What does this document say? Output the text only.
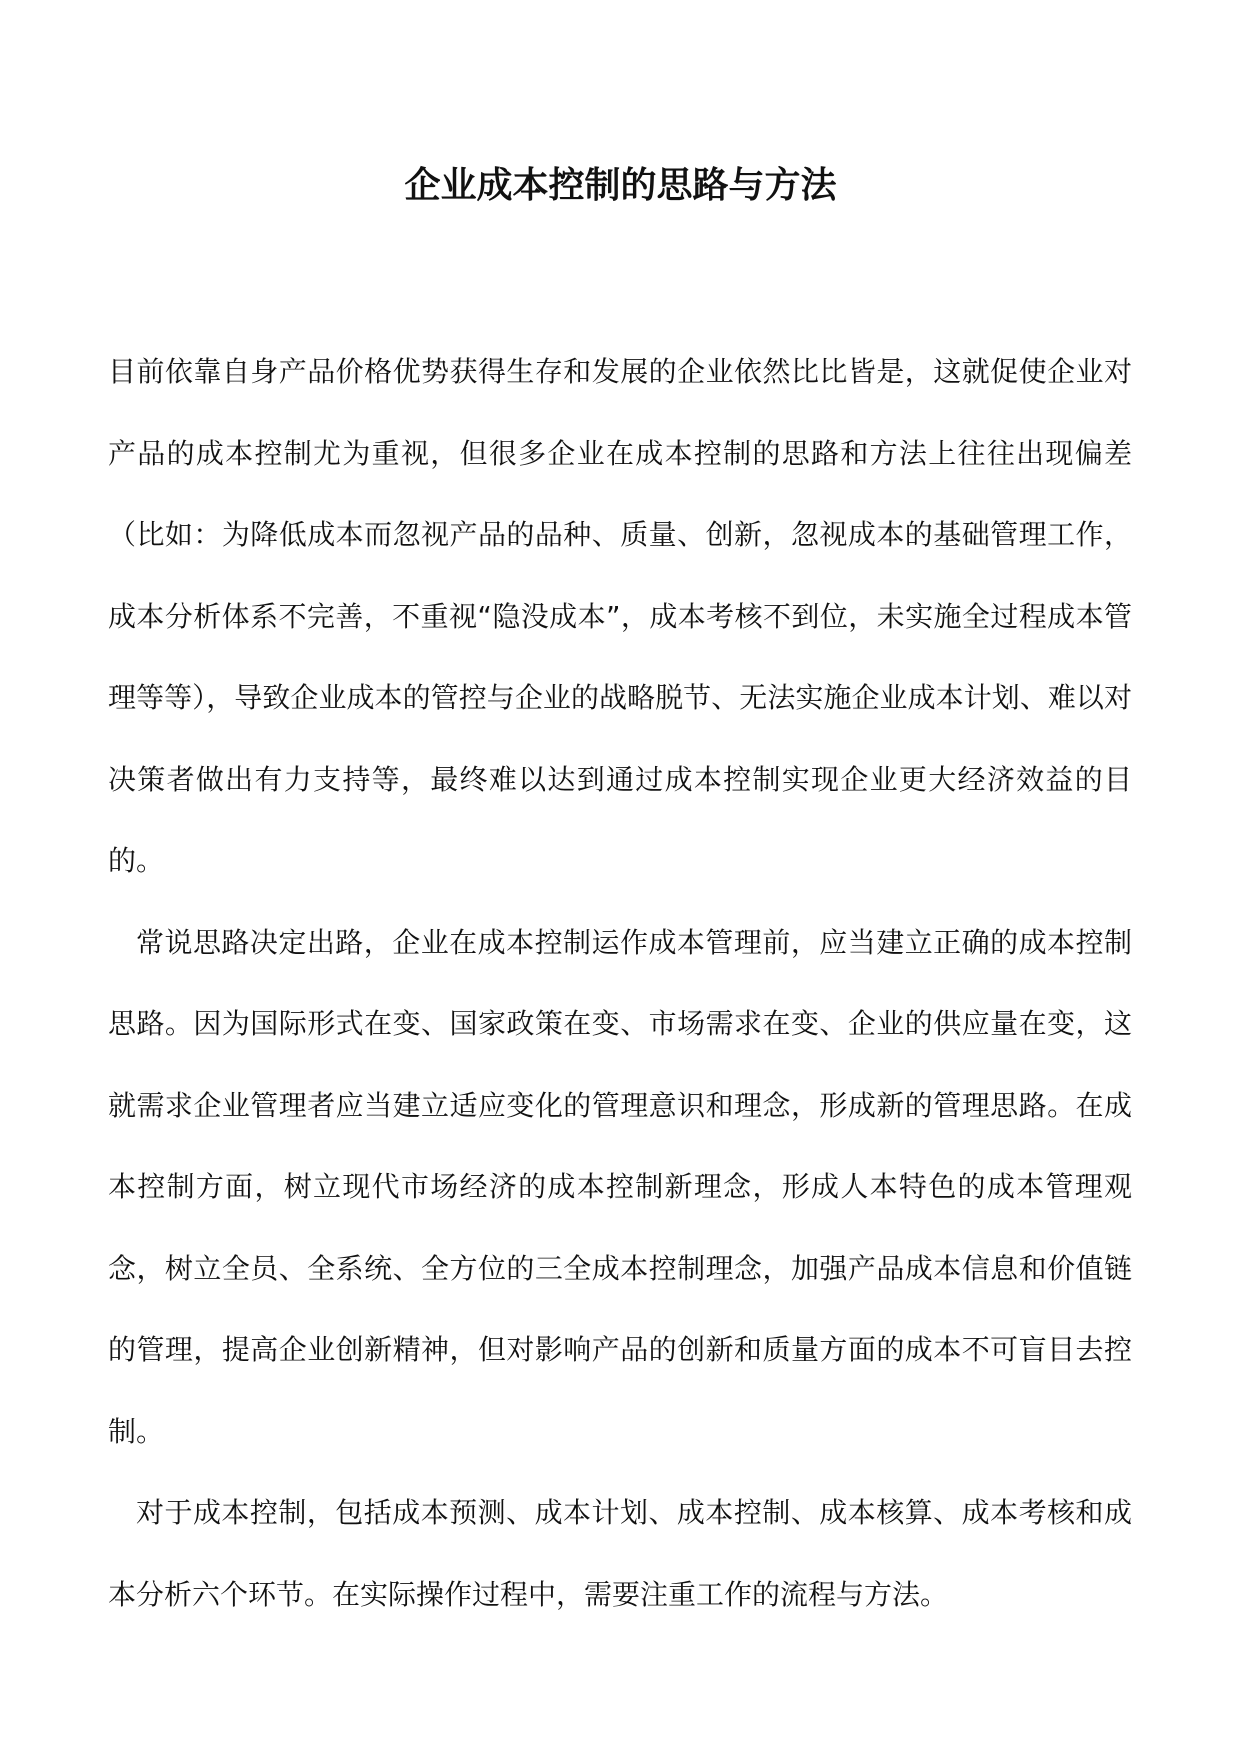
企业成本控制的思路与方法

目前依靠自身产品价格优势获得生存和发展的企业依然比比皆是，这就促使企业对产品的成本控制尤为重视，但很多企业在成本控制的思路和方法上往往出现偏差（比如：为降低成本而忽视产品的品种、质量、创新，忽视成本的基础管理工作，成本分析体系不完善，不重视“隐没成本”，成本考核不到位，未实施全过程成本管理等等），导致企业成本的管控与企业的战略脱节、无法实施企业成本计划、难以对决策者做出有力支持等，最终难以达到通过成本控制实现企业更大经济效益的目的。

常说思路决定出路，企业在成本控制运作成本管理前，应当建立正确的成本控制思路。因为国际形式在变、国家政策在变、市场需求在变、企业的供应量在变，这就需求企业管理者应当建立适应变化的管理意识和理念，形成新的管理思路。在成本控制方面，树立现代市场经济的成本控制新理念，形成人本特色的成本管理观念，树立全员、全系统、全方位的三全成本控制理念，加强产品成本信息和价值链的管理，提高企业创新精神，但对影响产品的创新和质量方面的成本不可盲目去控制。

对于成本控制，包括成本预测、成本计划、成本控制、成本核算、成本考核和成本分析六个环节。在实际操作过程中，需要注重工作的流程与方法。
